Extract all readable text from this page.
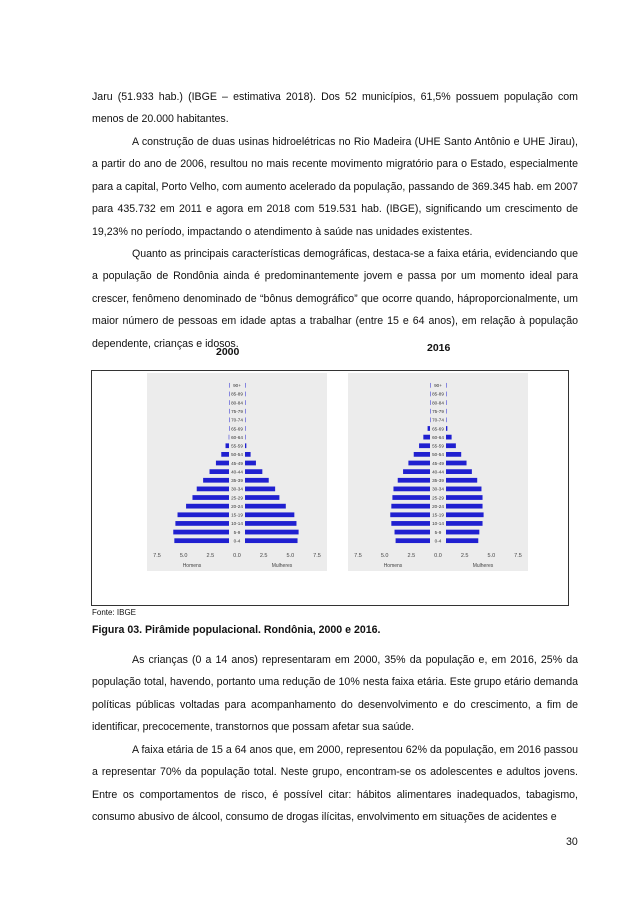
Jaru (51.933 hab.) (IBGE – estimativa 2018). Dos 52 municípios, 61,5% possuem população com menos de 20.000 habitantes.

A construção de duas usinas hidroelétricas no Rio Madeira (UHE Santo Antônio e UHE Jirau), a partir do ano de 2006, resultou no mais recente movimento migratório para o Estado, especialmente para a capital, Porto Velho, com aumento acelerado da população, passando de 369.345 hab. em 2007 para 435.732 em 2011 e agora em 2018 com 519.531 hab. (IBGE), significando um crescimento de 19,23% no período, impactando o atendimento à saúde nas unidades existentes.

Quanto as principais características demográficas, destaca-se a faixa etária, evidenciando que a população de Rondônia ainda é predominantemente jovem e passa por um momento ideal para crescer, fenômeno denominado de “bônus demográfico” que ocorre quando, háproporcionalmente, um maior número de pessoas em idade aptas a trabalhar (entre 15 e 64 anos), em relação à população dependente, crianças e idosos.

2000	2016
0-4
5-9
10-14
15-19
20-24
25-29
30-34
35-39
40-44
45-49
50-54
55-59
60-64
65-69
70-74
75-79
80-84
85-89
90+
7.5	5.0	2.5	0.0	2.5	5.0	7.5
Homens	Mulheres
0-4
5-9
10-14
15-19
20-24
25-29
30-34
35-39
40-44
45-49
50-54
55-59
60-64
65-69
70-74
75-79
80-84
85-89
90+
7.5	5.0	2.5	0.0	2.5	5.0	7.5
Homens	Mulheres
Fonte: IBGE
Figura 03. Pirâmide populacional. Rondônia, 2000 e 2016.

As crianças (0 a 14 anos) representaram em 2000, 35% da população e, em 2016, 25% da população total, havendo, portanto uma redução de 10% nesta faixa etária. Este grupo etário demanda políticas públicas voltadas para acompanhamento do desenvolvimento e do crescimento, a fim de identificar, precocemente, transtornos que possam afetar sua saúde.

A faixa etária de 15 a 64 anos que, em 2000, representou 62% da população, em 2016 passou a representar 70% da população total. Neste grupo, encontram-se os adolescentes e adultos jovens. Entre os comportamentos de risco, é possível citar: hábitos alimentares inadequados, tabagismo, consumo abusivo de álcool, consumo de drogas ilícitas, envolvimento em situações de acidentes e

30
